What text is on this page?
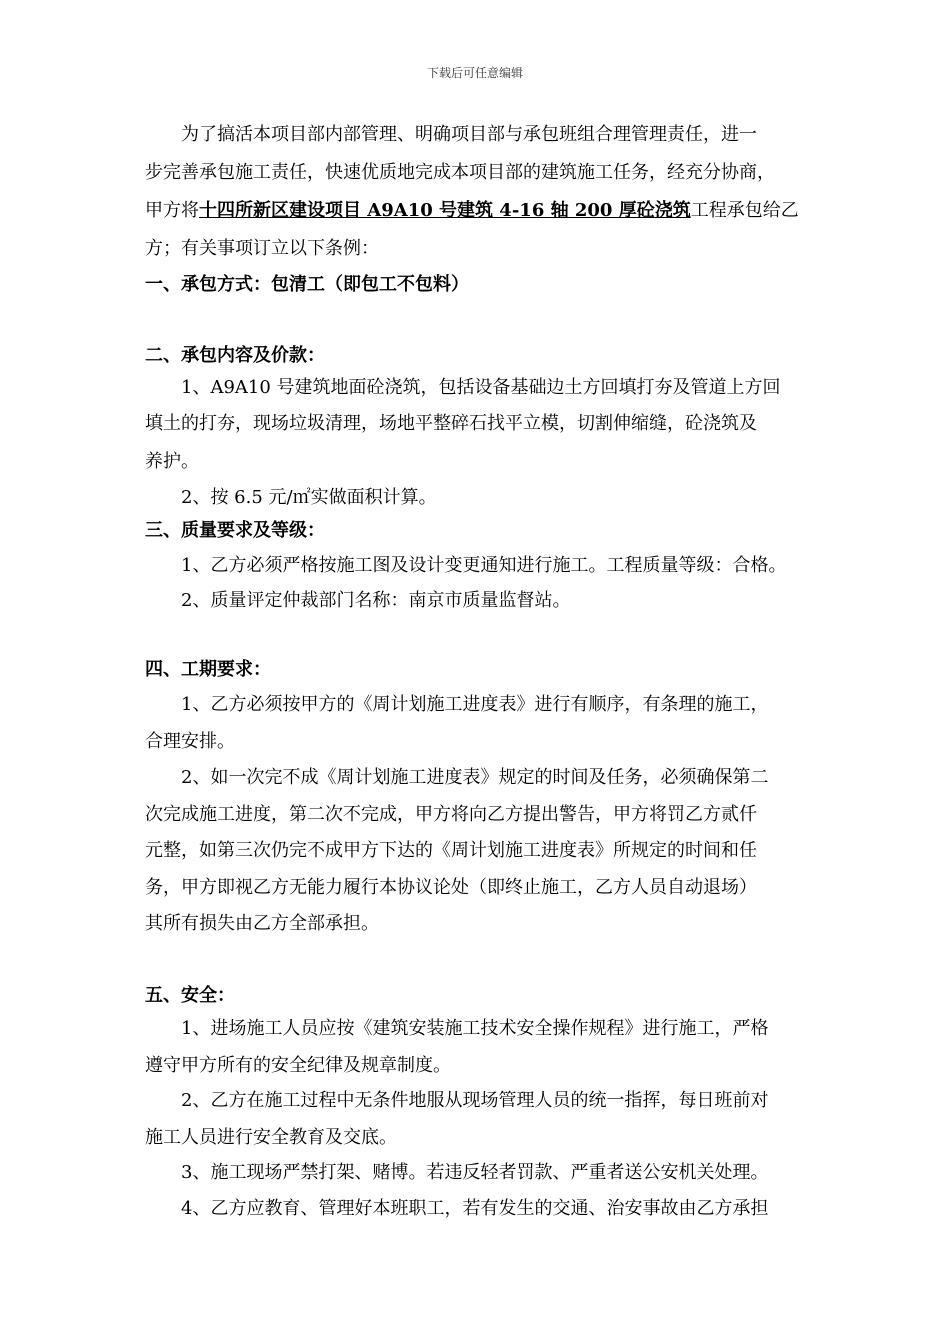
下载后可任意编辑
为了搞活本项目部内部管理、明确项目部与承包班组合理管理责任，进一
步完善承包施工责任，快速优质地完成本项目部的建筑施工任务，经充分协商，
甲方将十四所新区建设项目 A9A10 号建筑 4-16 轴 200 厚砼浇筑工程承包给乙
方；有关事项订立以下条例：
一、承包方式：包清工（即包工不包料）
二、承包内容及价款：
1、A9A10 号建筑地面砼浇筑，包括设备基础边土方回填打夯及管道上方回
填土的打夯，现场垃圾清理，场地平整碎石找平立模，切割伸缩缝，砼浇筑及
养护。
2、按 6.5 元/㎡实做面积计算。
三、质量要求及等级：
1、乙方必须严格按施工图及设计变更通知进行施工。工程质量等级：合格。
2、质量评定仲裁部门名称：南京市质量监督站。
四、工期要求：
1、乙方必须按甲方的《周计划施工进度表》进行有顺序，有条理的施工，
合理安排。
2、如一次完不成《周计划施工进度表》规定的时间及任务，必须确保第二
次完成施工进度，第二次不完成，甲方将向乙方提出警告，甲方将罚乙方贰仟
元整，如第三次仍完不成甲方下达的《周计划施工进度表》所规定的时间和任
务，甲方即视乙方无能力履行本协议论处（即终止施工，乙方人员自动退场）
其所有损失由乙方全部承担。
五、安全：
1、进场施工人员应按《建筑安装施工技术安全操作规程》进行施工，严格
遵守甲方所有的安全纪律及规章制度。
2、乙方在施工过程中无条件地服从现场管理人员的统一指挥，每日班前对
施工人员进行安全教育及交底。
3、施工现场严禁打架、赌博。若违反轻者罚款、严重者送公安机关处理。
4、乙方应教育、管理好本班职工，若有发生的交通、治安事故由乙方承担
